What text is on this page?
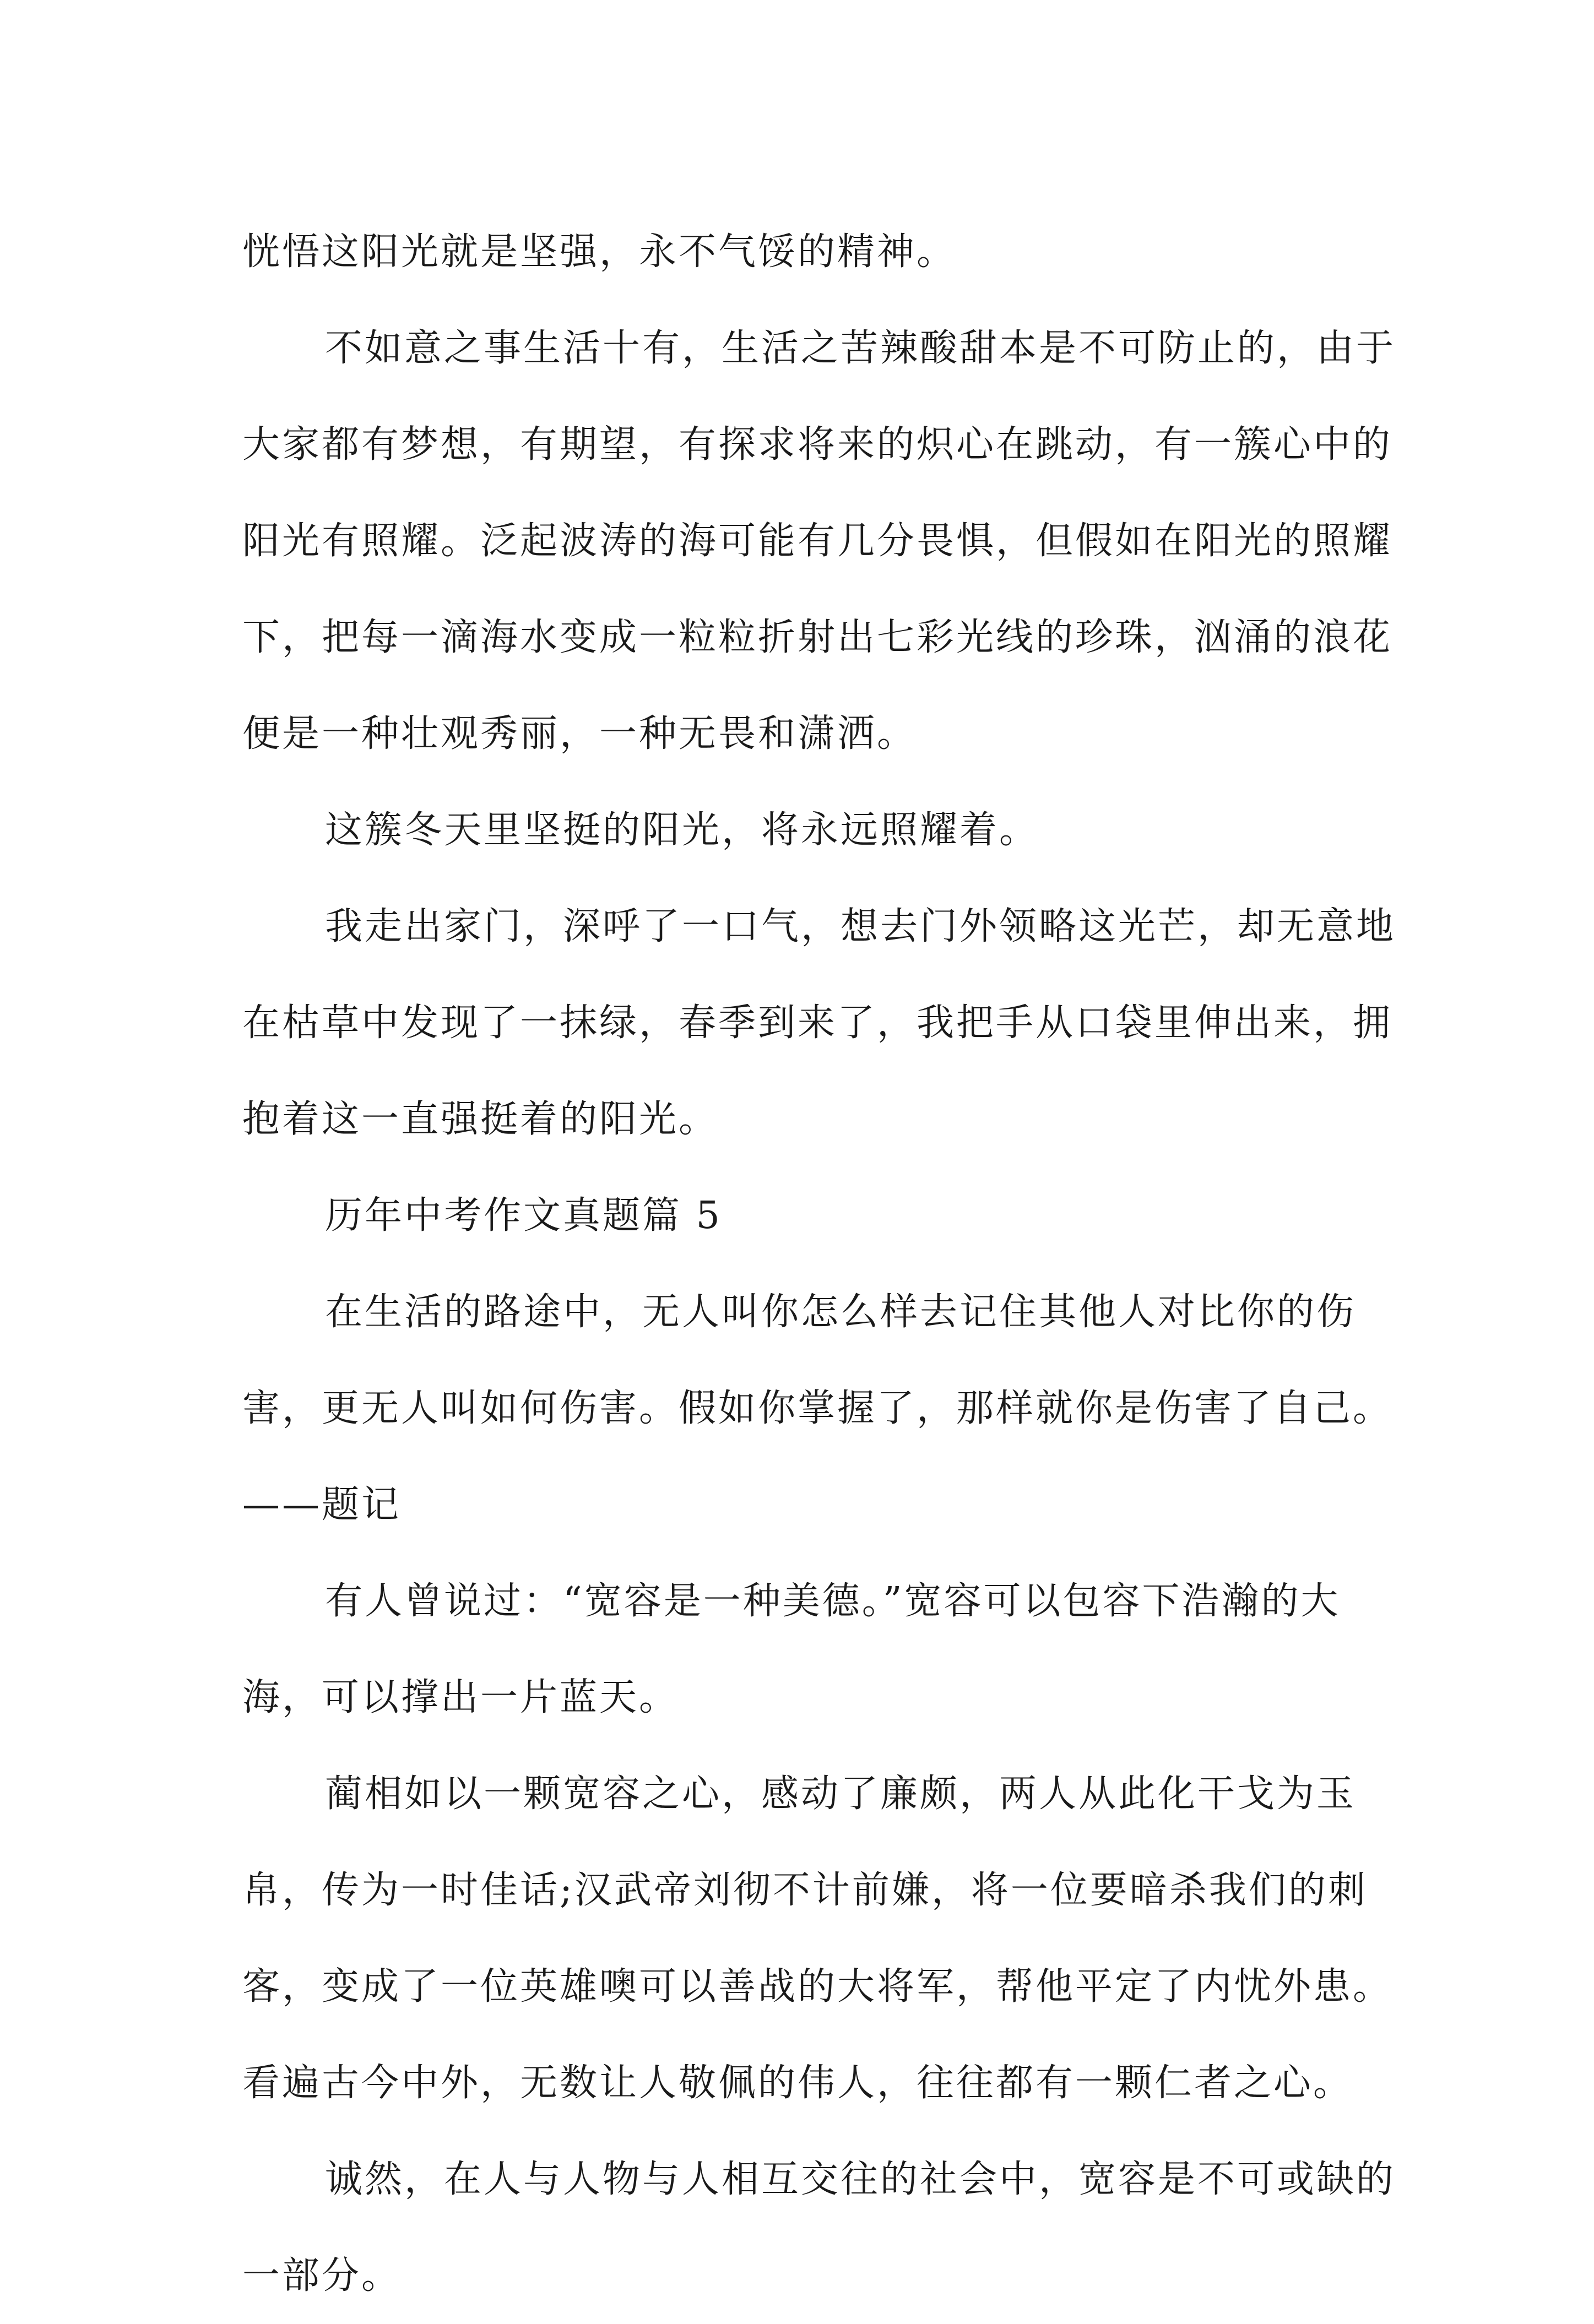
恍悟这阳光就是坚强，永不气馁的精神。

不如意之事生活十有，生活之苦辣酸甜本是不可防止的，由于大家都有梦想，有期望，有探求将来的炽心在跳动，有一簇心中的阳光有照耀。泛起波涛的海可能有几分畏惧，但假如在阳光的照耀下，把每一滴海水变成一粒粒折射出七彩光线的珍珠，汹涌的浪花便是一种壮观秀丽，一种无畏和潇洒。

这簇冬天里坚挺的阳光，将永远照耀着。

我走出家门，深呼了一口气，想去门外领略这光芒，却无意地在枯草中发现了一抹绿，春季到来了，我把手从口袋里伸出来，拥抱着这一直强挺着的阳光。

历年中考作文真题篇 5

在生活的路途中，无人叫你怎么样去记住其他人对比你的伤害，更无人叫如何伤害。假如你掌握了，那样就你是伤害了自己。——题记

有人曾说过：“宽容是一种美德。”宽容可以包容下浩瀚的大海，可以撑出一片蓝天。

蔺相如以一颗宽容之心，感动了廉颇，两人从此化干戈为玉帛，传为一时佳话;汉武帝刘彻不计前嫌，将一位要暗杀我们的刺客，变成了一位英雄噢可以善战的大将军，帮他平定了内忧外患。看遍古今中外，无数让人敬佩的伟人，往往都有一颗仁者之心。

诚然，在人与人物与人相互交往的社会中，宽容是不可或缺的一部分。
